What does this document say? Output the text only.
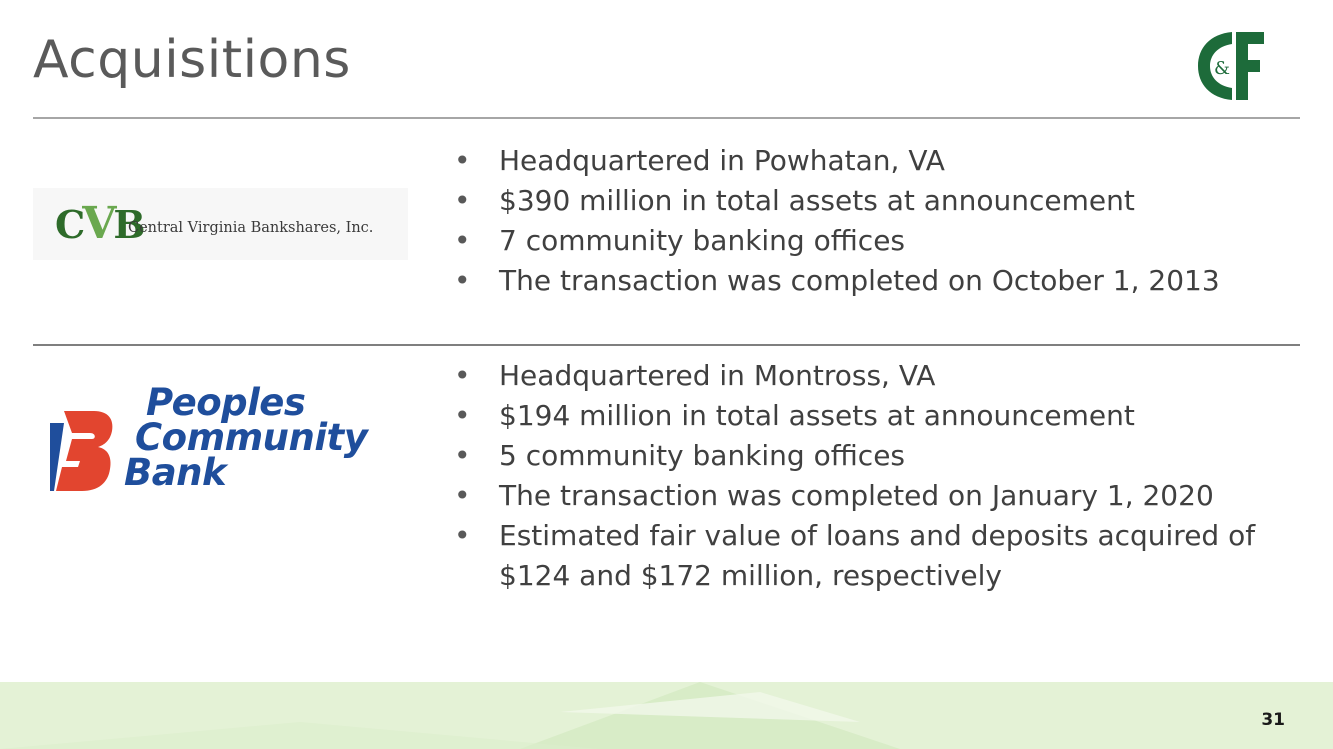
Acquisitions	&
CVB
Central Virginia Bankshares, Inc.
• Headquartered in Powhatan, VA
• $390 million in total assets at announcement
• 7 community banking offices
• The transaction was completed on October 1, 2013
Peoples
Community
Bank
• Headquartered in Montross, VA
• $194 million in total assets at announcement
• 5 community banking offices
• The transaction was completed on January 1, 2020
• Estimated fair value of loans and deposits acquired of $124 and $172 million, respectively
31
